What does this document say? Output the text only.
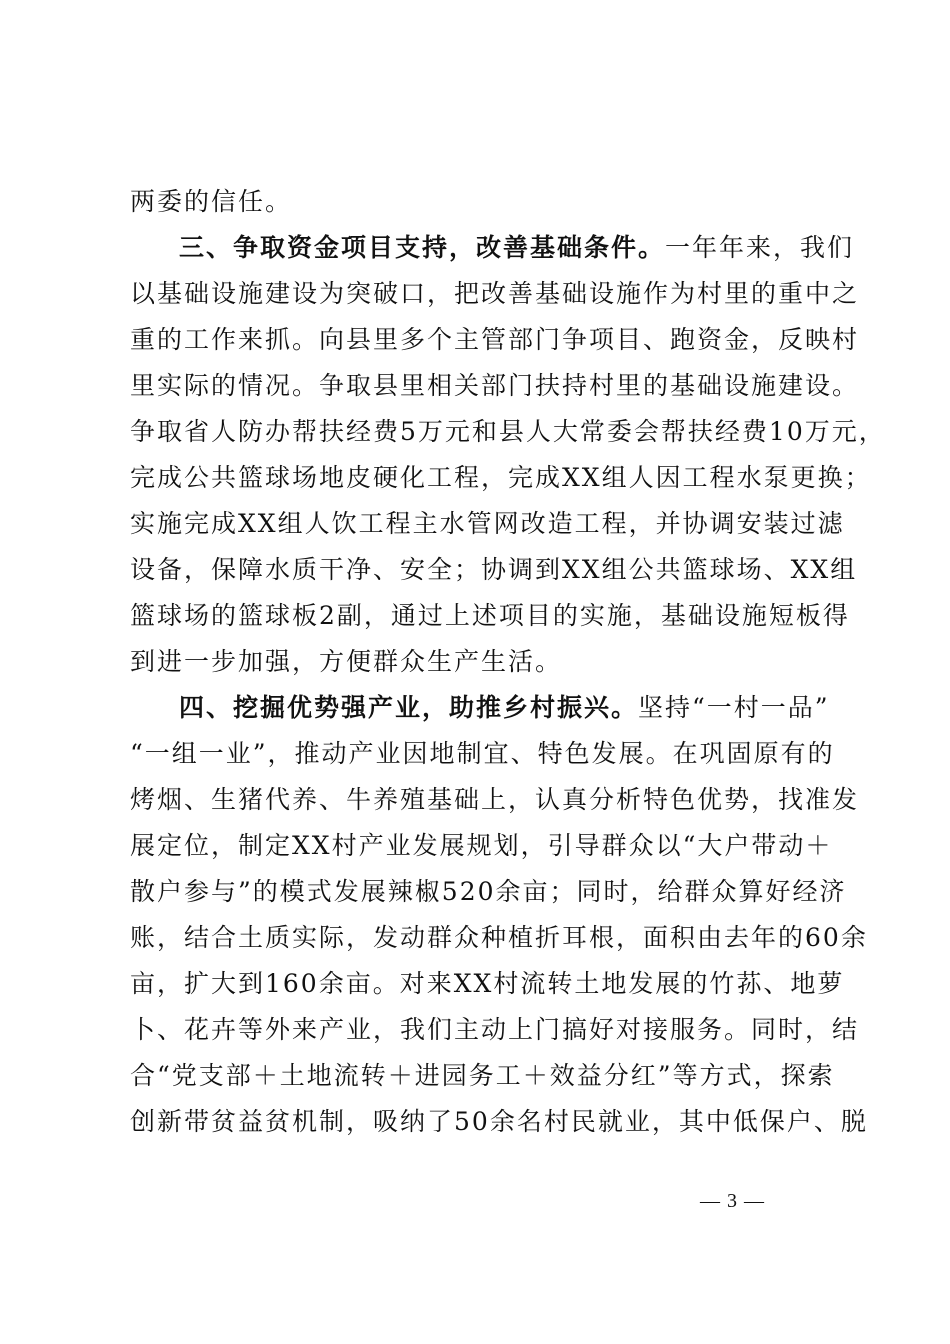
两委的信任。
三、争取资金项目支持，改善基础条件。一年年来，我们
以基础设施建设为突破口，把改善基础设施作为村里的重中之
重的工作来抓。向县里多个主管部门争项目、跑资金，反映村
里实际的情况。争取县里相关部门扶持村里的基础设施建设。
争取省人防办帮扶经费5万元和县人大常委会帮扶经费10万元，
完成公共篮球场地皮硬化工程，完成XX组人因工程水泵更换；
实施完成XX组人饮工程主水管网改造工程，并协调安装过滤
设备，保障水质干净、安全；协调到XX组公共篮球场、XX组
篮球场的篮球板2副，通过上述项目的实施，基础设施短板得
到进一步加强，方便群众生产生活。
四、挖掘优势强产业，助推乡村振兴。坚持“一村一品”
“一组一业”，推动产业因地制宜、特色发展。在巩固原有的
烤烟、生猪代养、牛养殖基础上，认真分析特色优势，找准发
展定位，制定XX村产业发展规划，引导群众以“大户带动＋
散户参与”的模式发展辣椒520余亩；同时，给群众算好经济
账，结合土质实际，发动群众种植折耳根，面积由去年的60余
亩，扩大到160余亩。对来XX村流转土地发展的竹荪、地萝
卜、花卉等外来产业，我们主动上门搞好对接服务。同时，结
合“党支部＋土地流转＋进园务工＋效益分红”等方式，探索
创新带贫益贫机制，吸纳了50余名村民就业，其中低保户、脱
— 3 —
